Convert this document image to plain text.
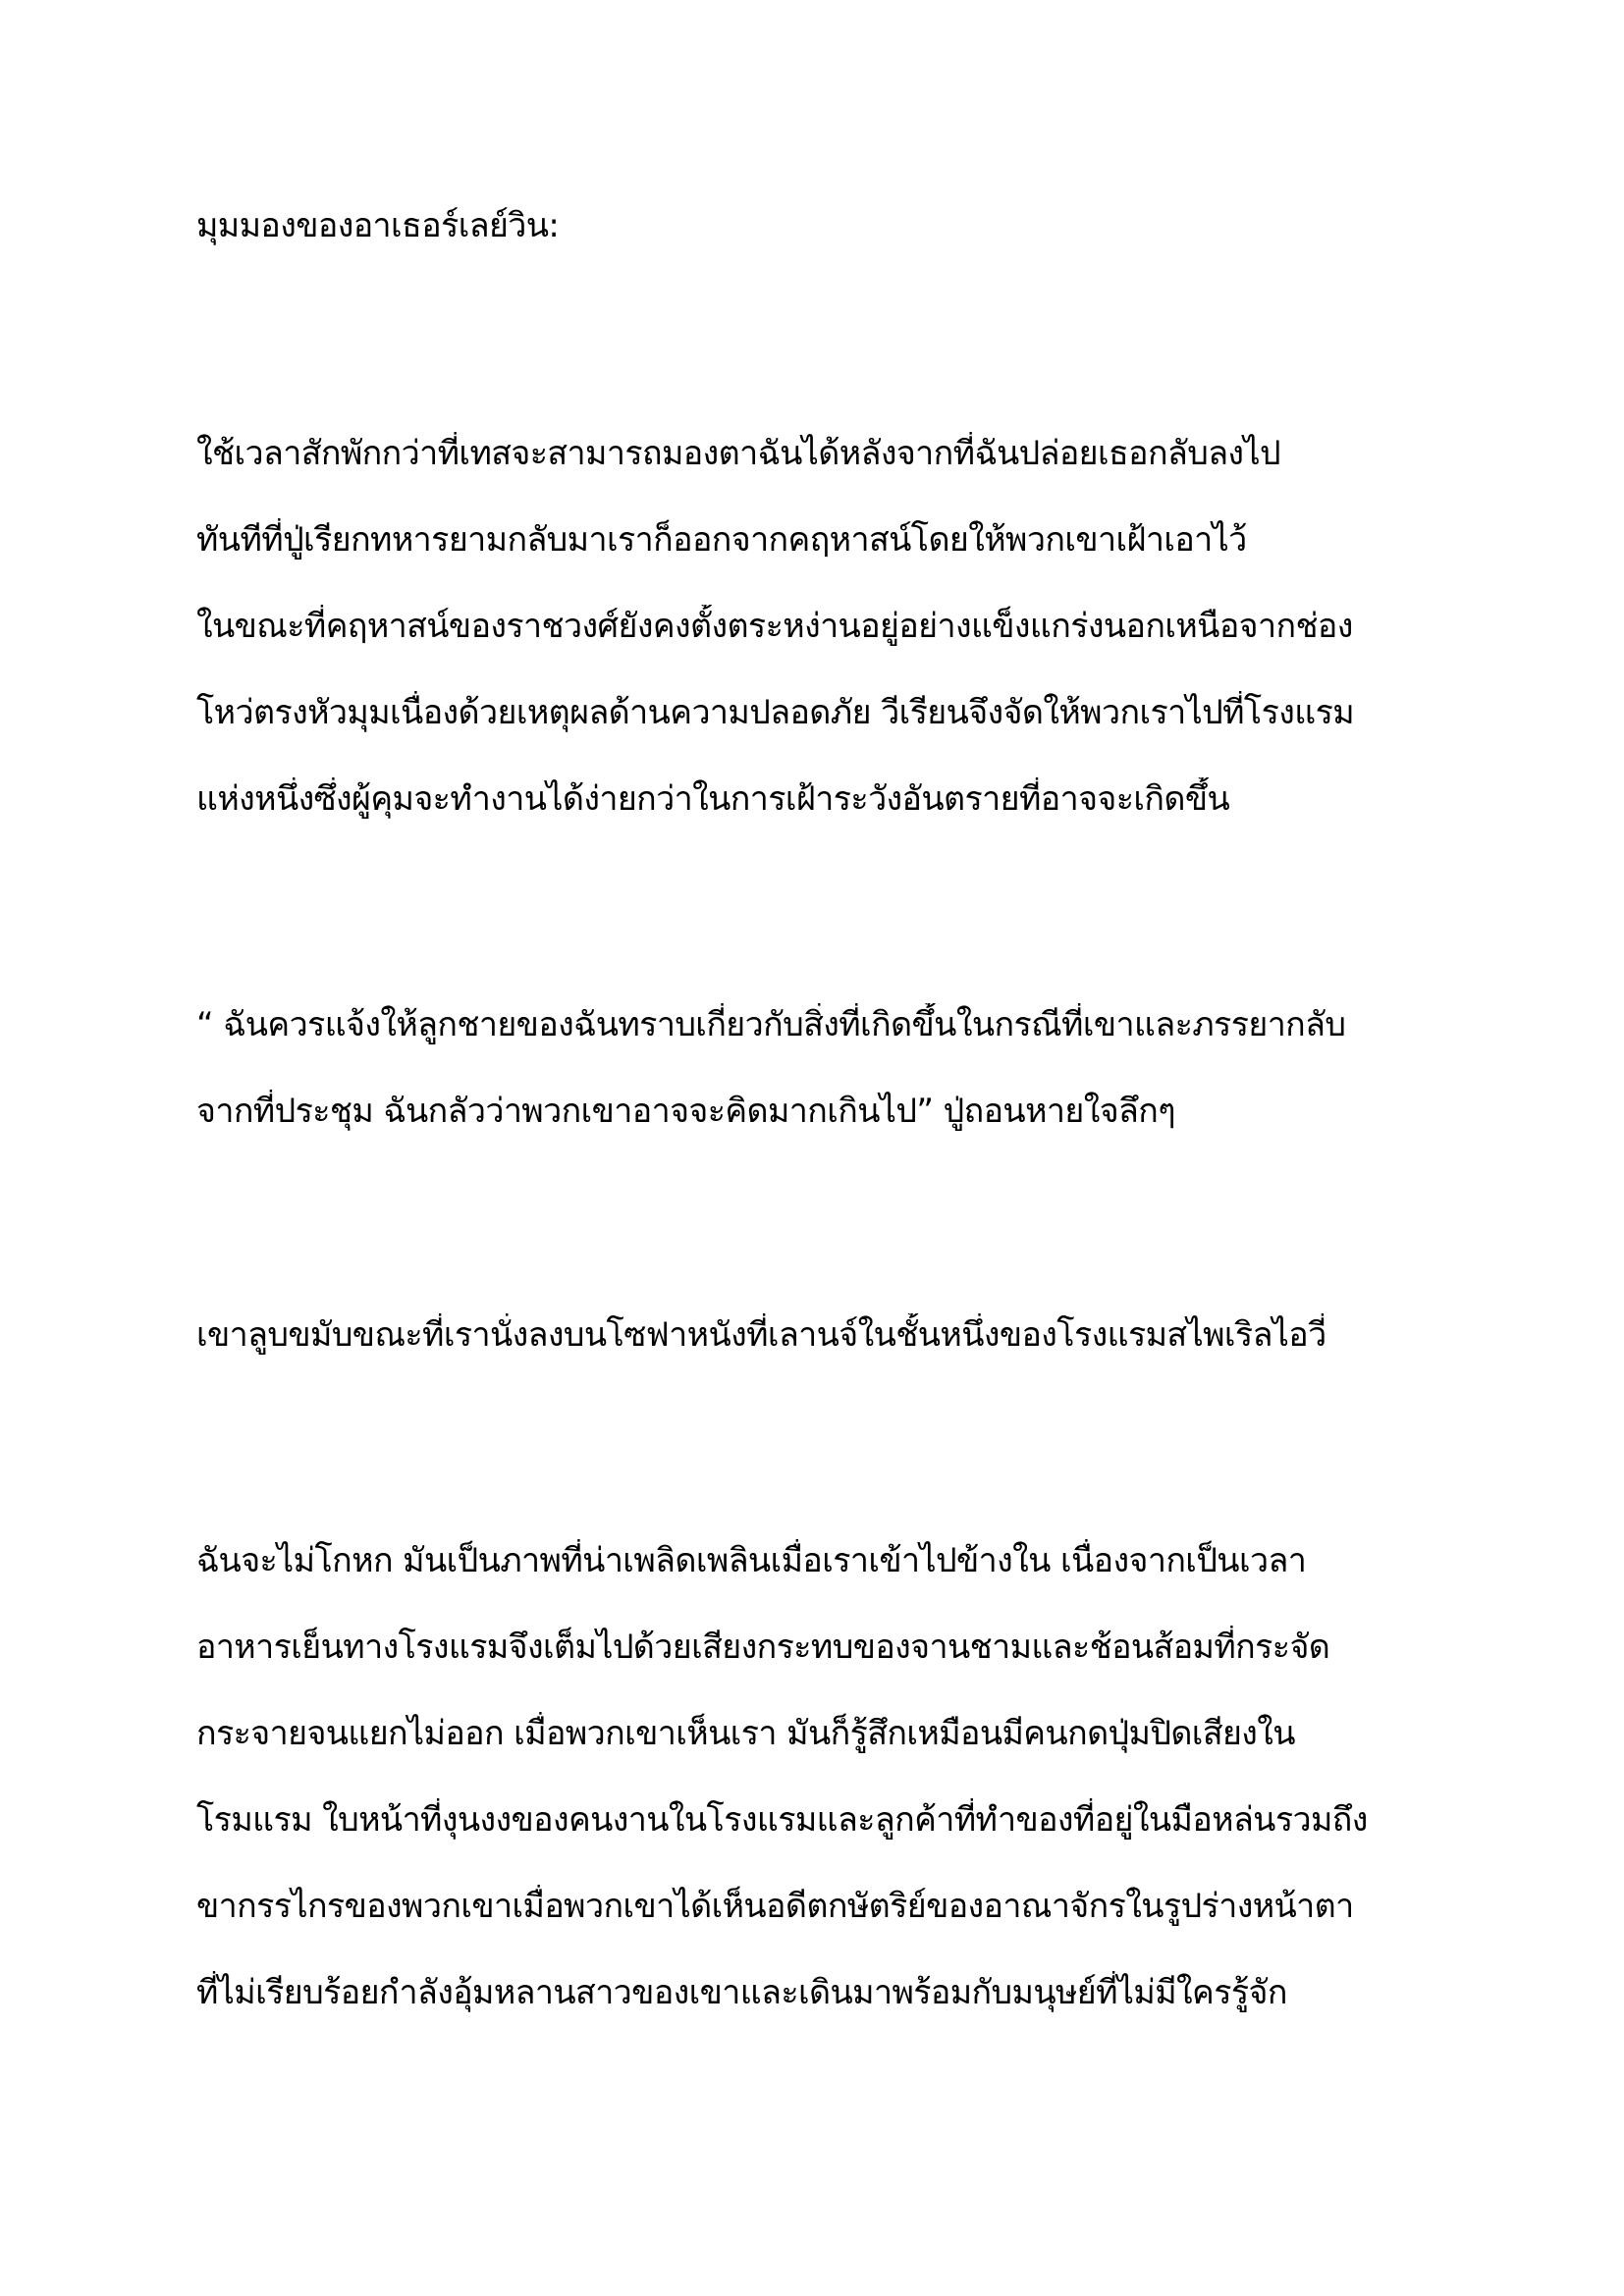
มุมมองของอาเธอร์เลย์วิน:
ใช้เวลาสักพักกว่าที่เทสจะสามารถมองตาฉันได้หลังจากที่ฉันปล่อยเธอกลับลงไป
ทันทีที่ปู่เรียกทหารยามกลับมาเราก็ออกจากคฤหาสน์โดยให้พวกเขาเฝ้าเอาไว้
ในขณะที่คฤหาสน์ของราชวงศ์ยังคงตั้งตระหง่านอยู่อย่างแข็งแกร่งนอกเหนือจากช่อง
โหว่ตรงหัวมุมเนื่องด้วยเหตุผลด้านความปลอดภัย วีเรียนจึงจัดให้พวกเราไปที่โรงแรม
แห่งหนึ่งซึ่งผู้คุมจะทำงานได้ง่ายกว่าในการเฝ้าระวังอันตรายที่อาจจะเกิดขึ้น
“ ฉันควรแจ้งให้ลูกชายของฉันทราบเกี่ยวกับสิ่งที่เกิดขึ้นในกรณีที่เขาและภรรยากลับ
จากที่ประชุม ฉันกลัวว่าพวกเขาอาจจะคิดมากเกินไป” ปู่ถอนหายใจลึกๆ
เขาลูบขมับขณะที่เรานั่งลงบนโซฟาหนังที่เลานจ์ในชั้นหนึ่งของโรงแรมสไพเริลไอวี่
ฉันจะไม่โกหก มันเป็นภาพที่น่าเพลิดเพลินเมื่อเราเข้าไปข้างใน เนื่องจากเป็นเวลา
อาหารเย็นทางโรงแรมจึงเต็มไปด้วยเสียงกระทบของจานชามและช้อนส้อมที่กระจัด
กระจายจนแยกไม่ออก เมื่อพวกเขาเห็นเรา มันก็รู้สึกเหมือนมีคนกดปุ่มปิดเสียงใน
โรมแรม ใบหน้าที่งุนงงของคนงานในโรงแรมและลูกค้าที่ทำของที่อยู่ในมือหล่นรวมถึง
ขากรรไกรของพวกเขาเมื่อพวกเขาได้เห็นอดีตกษัตริย์ของอาณาจักรในรูปร่างหน้าตา
ที่ไม่เรียบร้อยกำลังอุ้มหลานสาวของเขาและเดินมาพร้อมกับมนุษย์ที่ไม่มีใครรู้จัก
